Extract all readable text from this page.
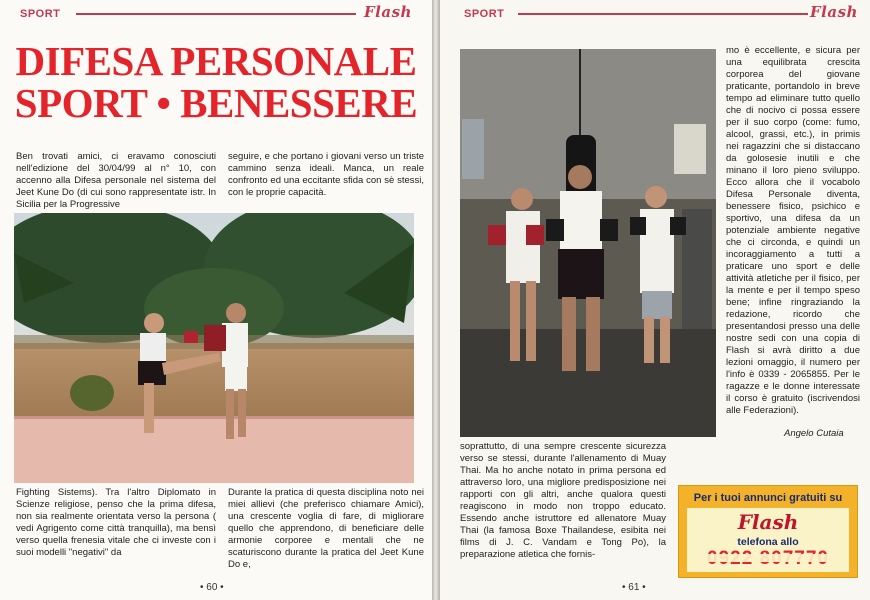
SPORT	Flash
DIFESA PERSONALE
SPORT • BENESSERE
Ben trovati amici, ci eravamo conosciuti nell'edizione del 30/04/99 al n° 10, con accenno alla Difesa personale nel sistema del Jeet Kune Do (di cui sono rappresentate istr. In Sicilia per la Progressive
seguire, e che portano i giovani verso un triste cammino senza ideali. Manca, un reale confronto ed una eccitante sfida con sè stessi, con le proprie capacità.
Fighting Sistems). Tra l'altro Diplomato in Scienze religiose, penso che la prima difesa, non sia realmente orientata verso la persona ( vedi Agrigento come città tranquilla), ma bensì verso quella frenesia vitale che ci investe con i suoi modelli "negativi" da
Durante la pratica di questa disciplina noto nei miei allievi (che preferisco chiamare Amici), una crescente voglia di fare, di migliorare quello che apprendono, di beneficiare delle armonie corporee e mentali che ne scaturiscono durante la pratica del Jeet Kune Do e,
• 60 •
SPORT	Flash
mo è eccellente, e sicura per una equilibrata crescita corporea del giovane praticante, portandolo in breve tempo ad eliminare tutto quello che di nocivo ci possa essere per il suo corpo (come: fumo, alcool, grassi, etc.), in primis nei ragazzini che si distaccano da golosesie inutili e che minano il loro pieno sviluppo. Ecco allora che il vocabolo Difesa Personale diventa, benessere fisico, psichico e sportivo, una difesa da un potenziale ambiente negative che ci circonda, e quindi un incoraggiamento a tutti a praticare uno sport e delle attività atletiche per il fisico, per la mente e per il tempo speso bene; infine ringraziando la redazione, ricordo che presentandosi presso una delle nostre sedi con una copia di Flash si avrà diritto a due lezioni omaggio, il numero per l'info è 0339 - 2065855. Per le ragazze e le donne interessate il corso è gratuito (iscrivendosi alle Federazioni).
Angelo Cutaia
soprattutto, di una sempre crescente sicurezza verso se stessi, durante l'allenamento di Muay Thai. Ma ho anche notato in prima persona ed attraverso loro, una migliore predisposizione nei rapporti con gli altri, anche qualora questi reagiscono in modo non troppo educato. Essendo anche istruttore ed allenatore Muay Thai (la famosa Boxe Thailandese, esibita nei films di J. C. Vandam e Tong Po), la preparazione atletica che fornis-
Per i tuoi annunci gratuiti su
Flash
telefona allo
• 61 •
